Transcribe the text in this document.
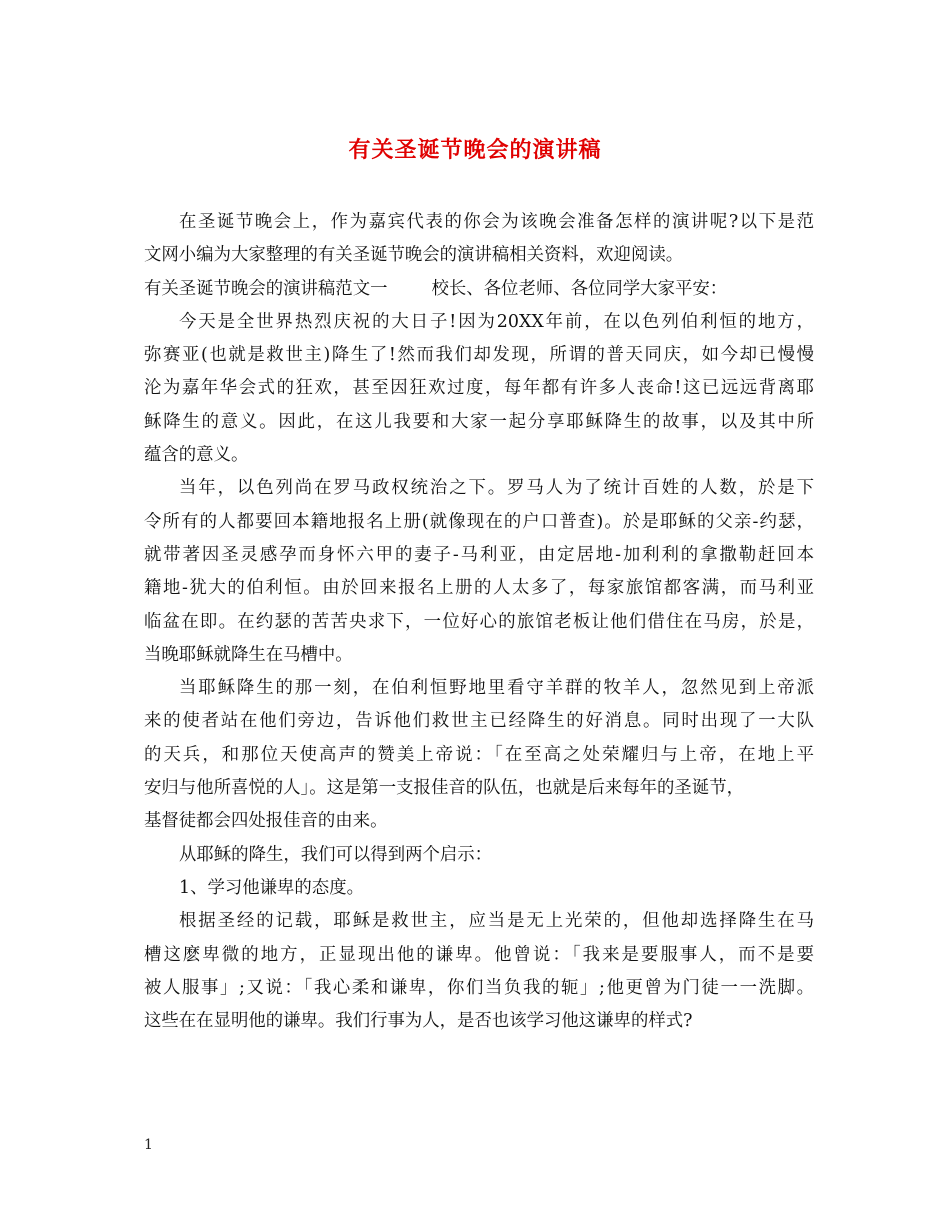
有关圣诞节晚会的演讲稿
在圣诞节晚会上，作为嘉宾代表的你会为该晚会准备怎样的演讲呢?以下是范
文网小编为大家整理的有关圣诞节晚会的演讲稿相关资料，欢迎阅读。
有关圣诞节晚会的演讲稿范文一	校长、各位老师、各位同学大家平安：
今天是全世界热烈庆祝的大日子!因为20XX年前，在以色列伯利恒的地方，
弥赛亚(也就是救世主)降生了!然而我们却发现，所谓的普天同庆，如今却已慢慢
沦为嘉年华会式的狂欢，甚至因狂欢过度，每年都有许多人丧命!这已远远背离耶
稣降生的意义。因此，在这儿我要和大家一起分享耶稣降生的故事，以及其中所
蕴含的意义。
当年，以色列尚在罗马政权统治之下。罗马人为了统计百姓的人数，於是下
令所有的人都要回本籍地报名上册(就像现在的户口普查)。於是耶稣的父亲-约瑟，
就带著因圣灵感孕而身怀六甲的妻子-马利亚，由定居地-加利利的拿撒勒赶回本
籍地-犹大的伯利恒。由於回来报名上册的人太多了，每家旅馆都客满，而马利亚
临盆在即。在约瑟的苦苦央求下，一位好心的旅馆老板让他们借住在马房，於是，
当晚耶稣就降生在马槽中。
当耶稣降生的那一刻，在伯利恒野地里看守羊群的牧羊人，忽然见到上帝派
来的使者站在他们旁边，告诉他们救世主已经降生的好消息。同时出现了一大队
的天兵，和那位天使高声的赞美上帝说：「在至高之处荣耀归与上帝，在地上平
安归与他所喜悦的人」。这是第一支报佳音的队伍，也就是后来每年的圣诞节，
基督徒都会四处报佳音的由来。
从耶稣的降生，我们可以得到两个启示：
1、学习他谦卑的态度。
根据圣经的记载，耶稣是救世主，应当是无上光荣的，但他却选择降生在马
槽这麽卑微的地方，正显现出他的谦卑。他曾说：「我来是要服事人，而不是要
被人服事」;又说：「我心柔和谦卑，你们当负我的轭」;他更曾为门徒一一洗脚。
这些在在显明他的谦卑。我们行事为人，是否也该学习他这谦卑的样式?
1
